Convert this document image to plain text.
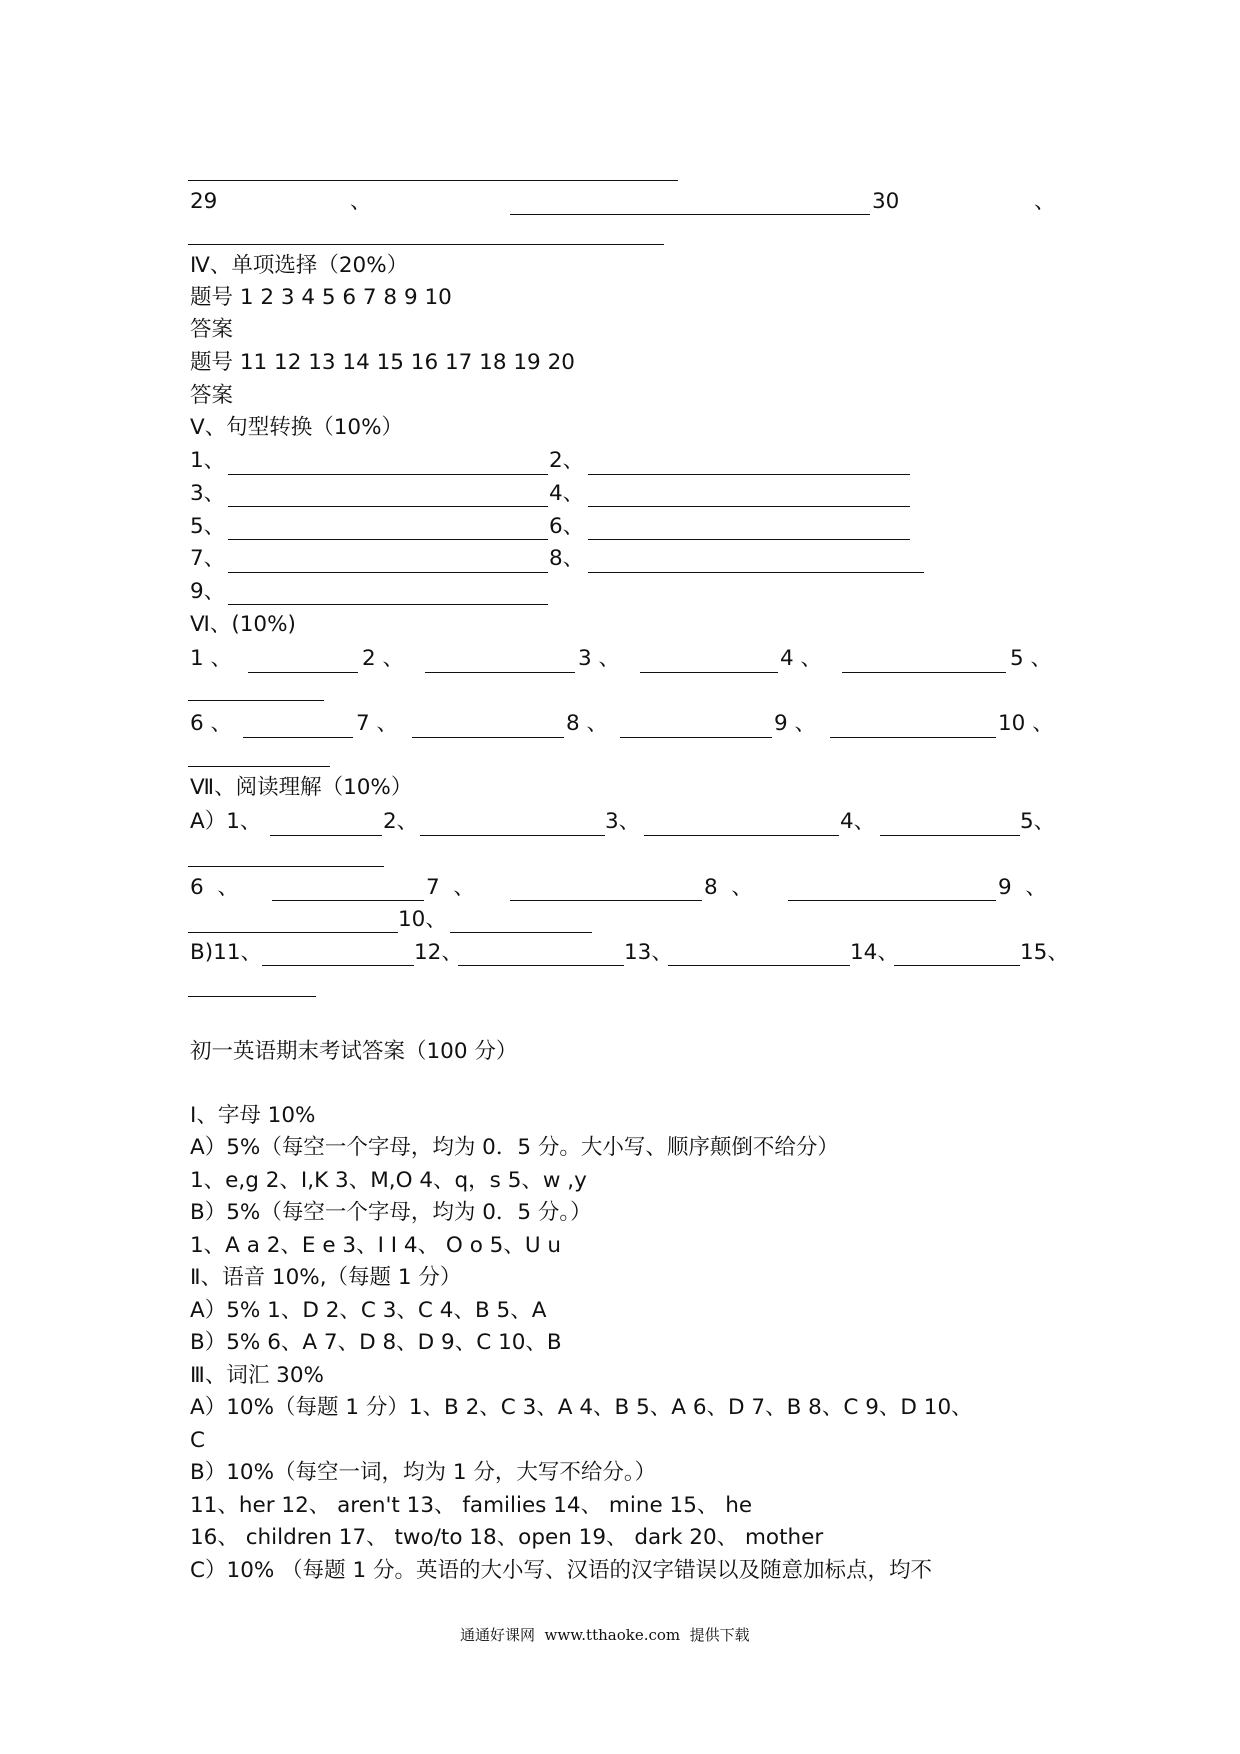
29	、	30	、
Ⅳ、单项选择（20%）
题号 1 2 3 4 5 6 7 8 9 10
答案
题号 11 12 13 14 15 16 17 18 19 20
答案
Ⅴ、句型转换（10%）
1、	2、
3、	4、
5、	6、
7、	8、
9、
Ⅵ、(10%)
1 、	2 、	3 、	4 、	5 、
6 、	7 、	8 、	9 、	10 、
Ⅶ、阅读理解（10%）
A）1、	2、	3、	4、	5、
6  、	7  、	8  、	9  、
10、
B)11、	12、	13、	14、	15、
初一英语期末考试答案（100 分）
Ⅰ、字母 10%
A）5%（每空一个字母，均为 0．5 分。大小写、顺序颠倒不给分）
1、e,g 2、I,K 3、M,O 4、q，s 5、w ,y
B）5%（每空一个字母，均为 0．5 分。）
1、A a 2、E e 3、I I 4、 O o 5、U u
Ⅱ、语音 10%,（每题 1 分）
A）5% 1、D 2、C 3、C 4、B 5、A
B）5% 6、A 7、D 8、D 9、C 10、B
Ⅲ、词汇 30%
A）10%（每题 1 分）1、B 2、C 3、A 4、B 5、A 6、D 7、B 8、C 9、D 10、
C
B）10%（每空一词，均为 1 分，大写不给分。）
11、her 12、 aren't 13、 families 14、 mine 15、 he
16、 children 17、 two/to 18、open 19、 dark 20、 mother
C）10% （每题 1 分。英语的大小写、汉语的汉字错误以及随意加标点，均不
通通好课网  www.tthaoke.com  提供下载
